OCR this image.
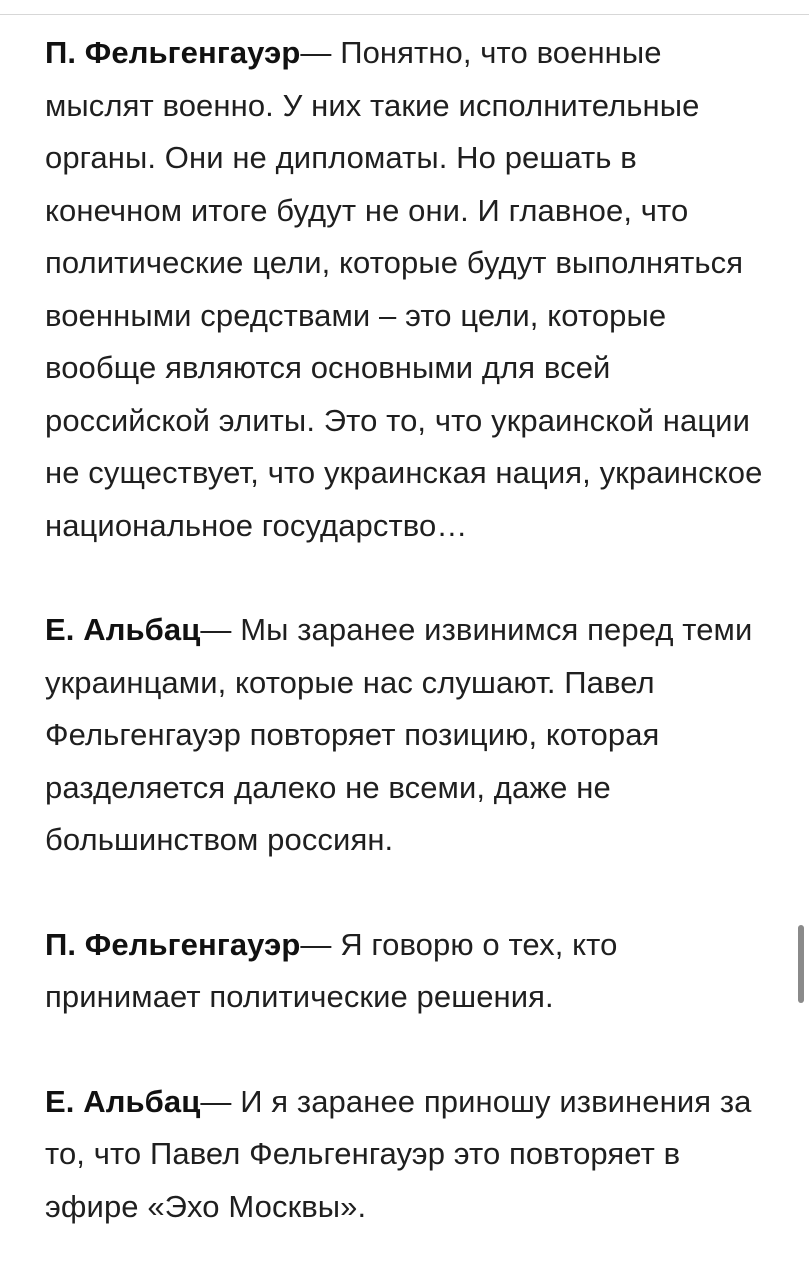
П. Фельгенгауэр— Понятно, что военные мыслят военно. У них такие исполнительные органы. Они не дипломаты. Но решать в конечном итоге будут не они. И главное, что политические цели, которые будут выполняться военными средствами – это цели, которые вообще являются основными для всей российской элиты. Это то, что украинской нации не существует, что украинская нация, украинское национальное государство…

Е. Альбац— Мы заранее извинимся перед теми украинцами, которые нас слушают. Павел Фельгенгауэр повторяет позицию, которая разделяется далеко не всеми, даже не большинством россиян.

П. Фельгенгауэр— Я говорю о тех, кто принимает политические решения.

Е. Альбац— И я заранее приношу извинения за то, что Павел Фельгенгауэр это повторяет в эфире «Эхо Москвы».
